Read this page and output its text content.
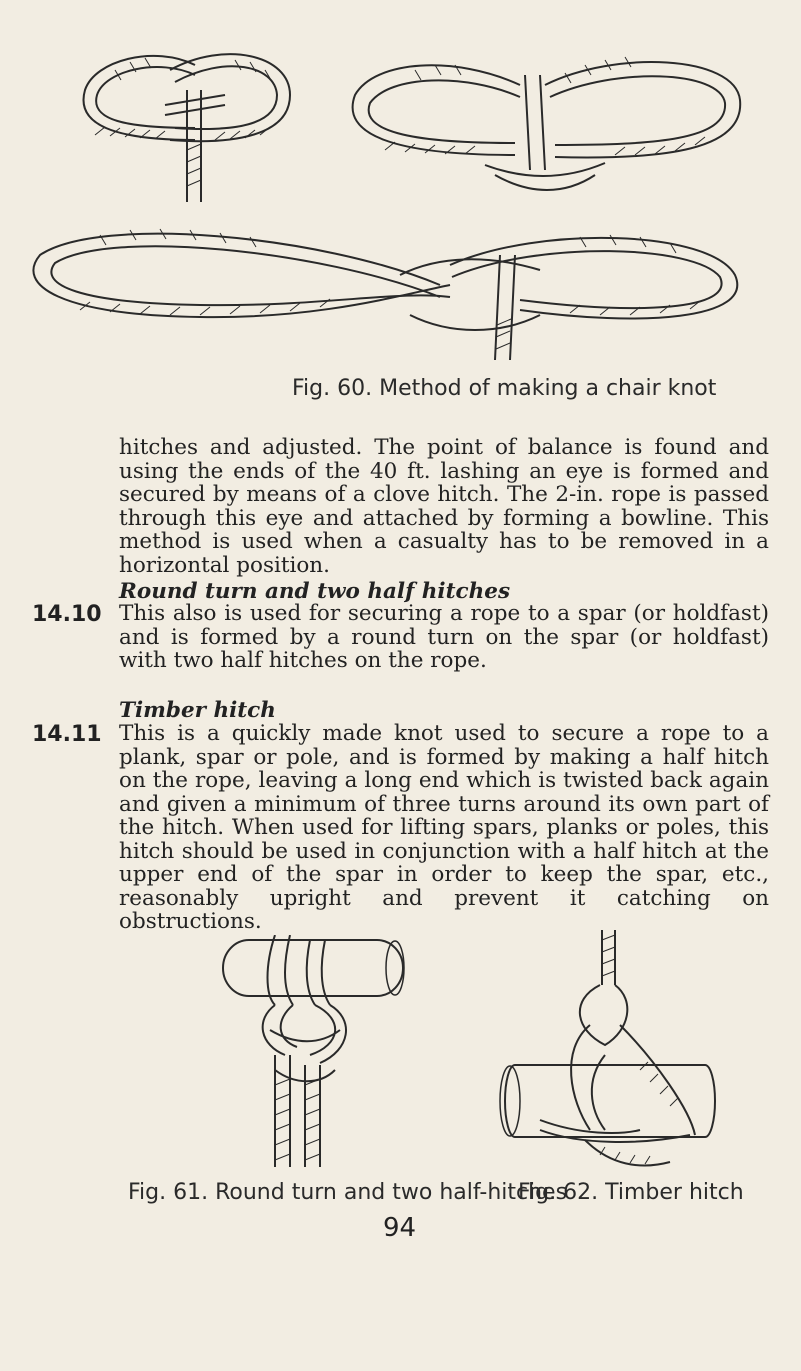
Fig. 60. Method of making a chair knot
hitches and adjusted. The point of balance is found and using the ends of the 40 ft. lashing an eye is formed and secured by means of a clove hitch. The 2-in. rope is passed through this eye and attached by forming a bowline. This method is used when a casualty has to be removed in a horizontal position.
Round turn and two half hitches
14.10 This also is used for securing a rope to a spar (or holdfast) and is formed by a round turn on the spar (or holdfast) with two half hitches on the rope.
Timber hitch
14.11 This is a quickly made knot used to secure a rope to a plank, spar or pole, and is formed by making a half hitch on the rope, leaving a long end which is twisted back again and given a minimum of three turns around its own part of the hitch. When used for lifting spars, planks or poles, this hitch should be used in conjunction with a half hitch at the upper end of the spar in order to keep the spar, etc., reasonably upright and prevent it catching on obstructions.
Fig. 61. Round turn and two half-hitches
Fig. 62. Timber hitch
94
